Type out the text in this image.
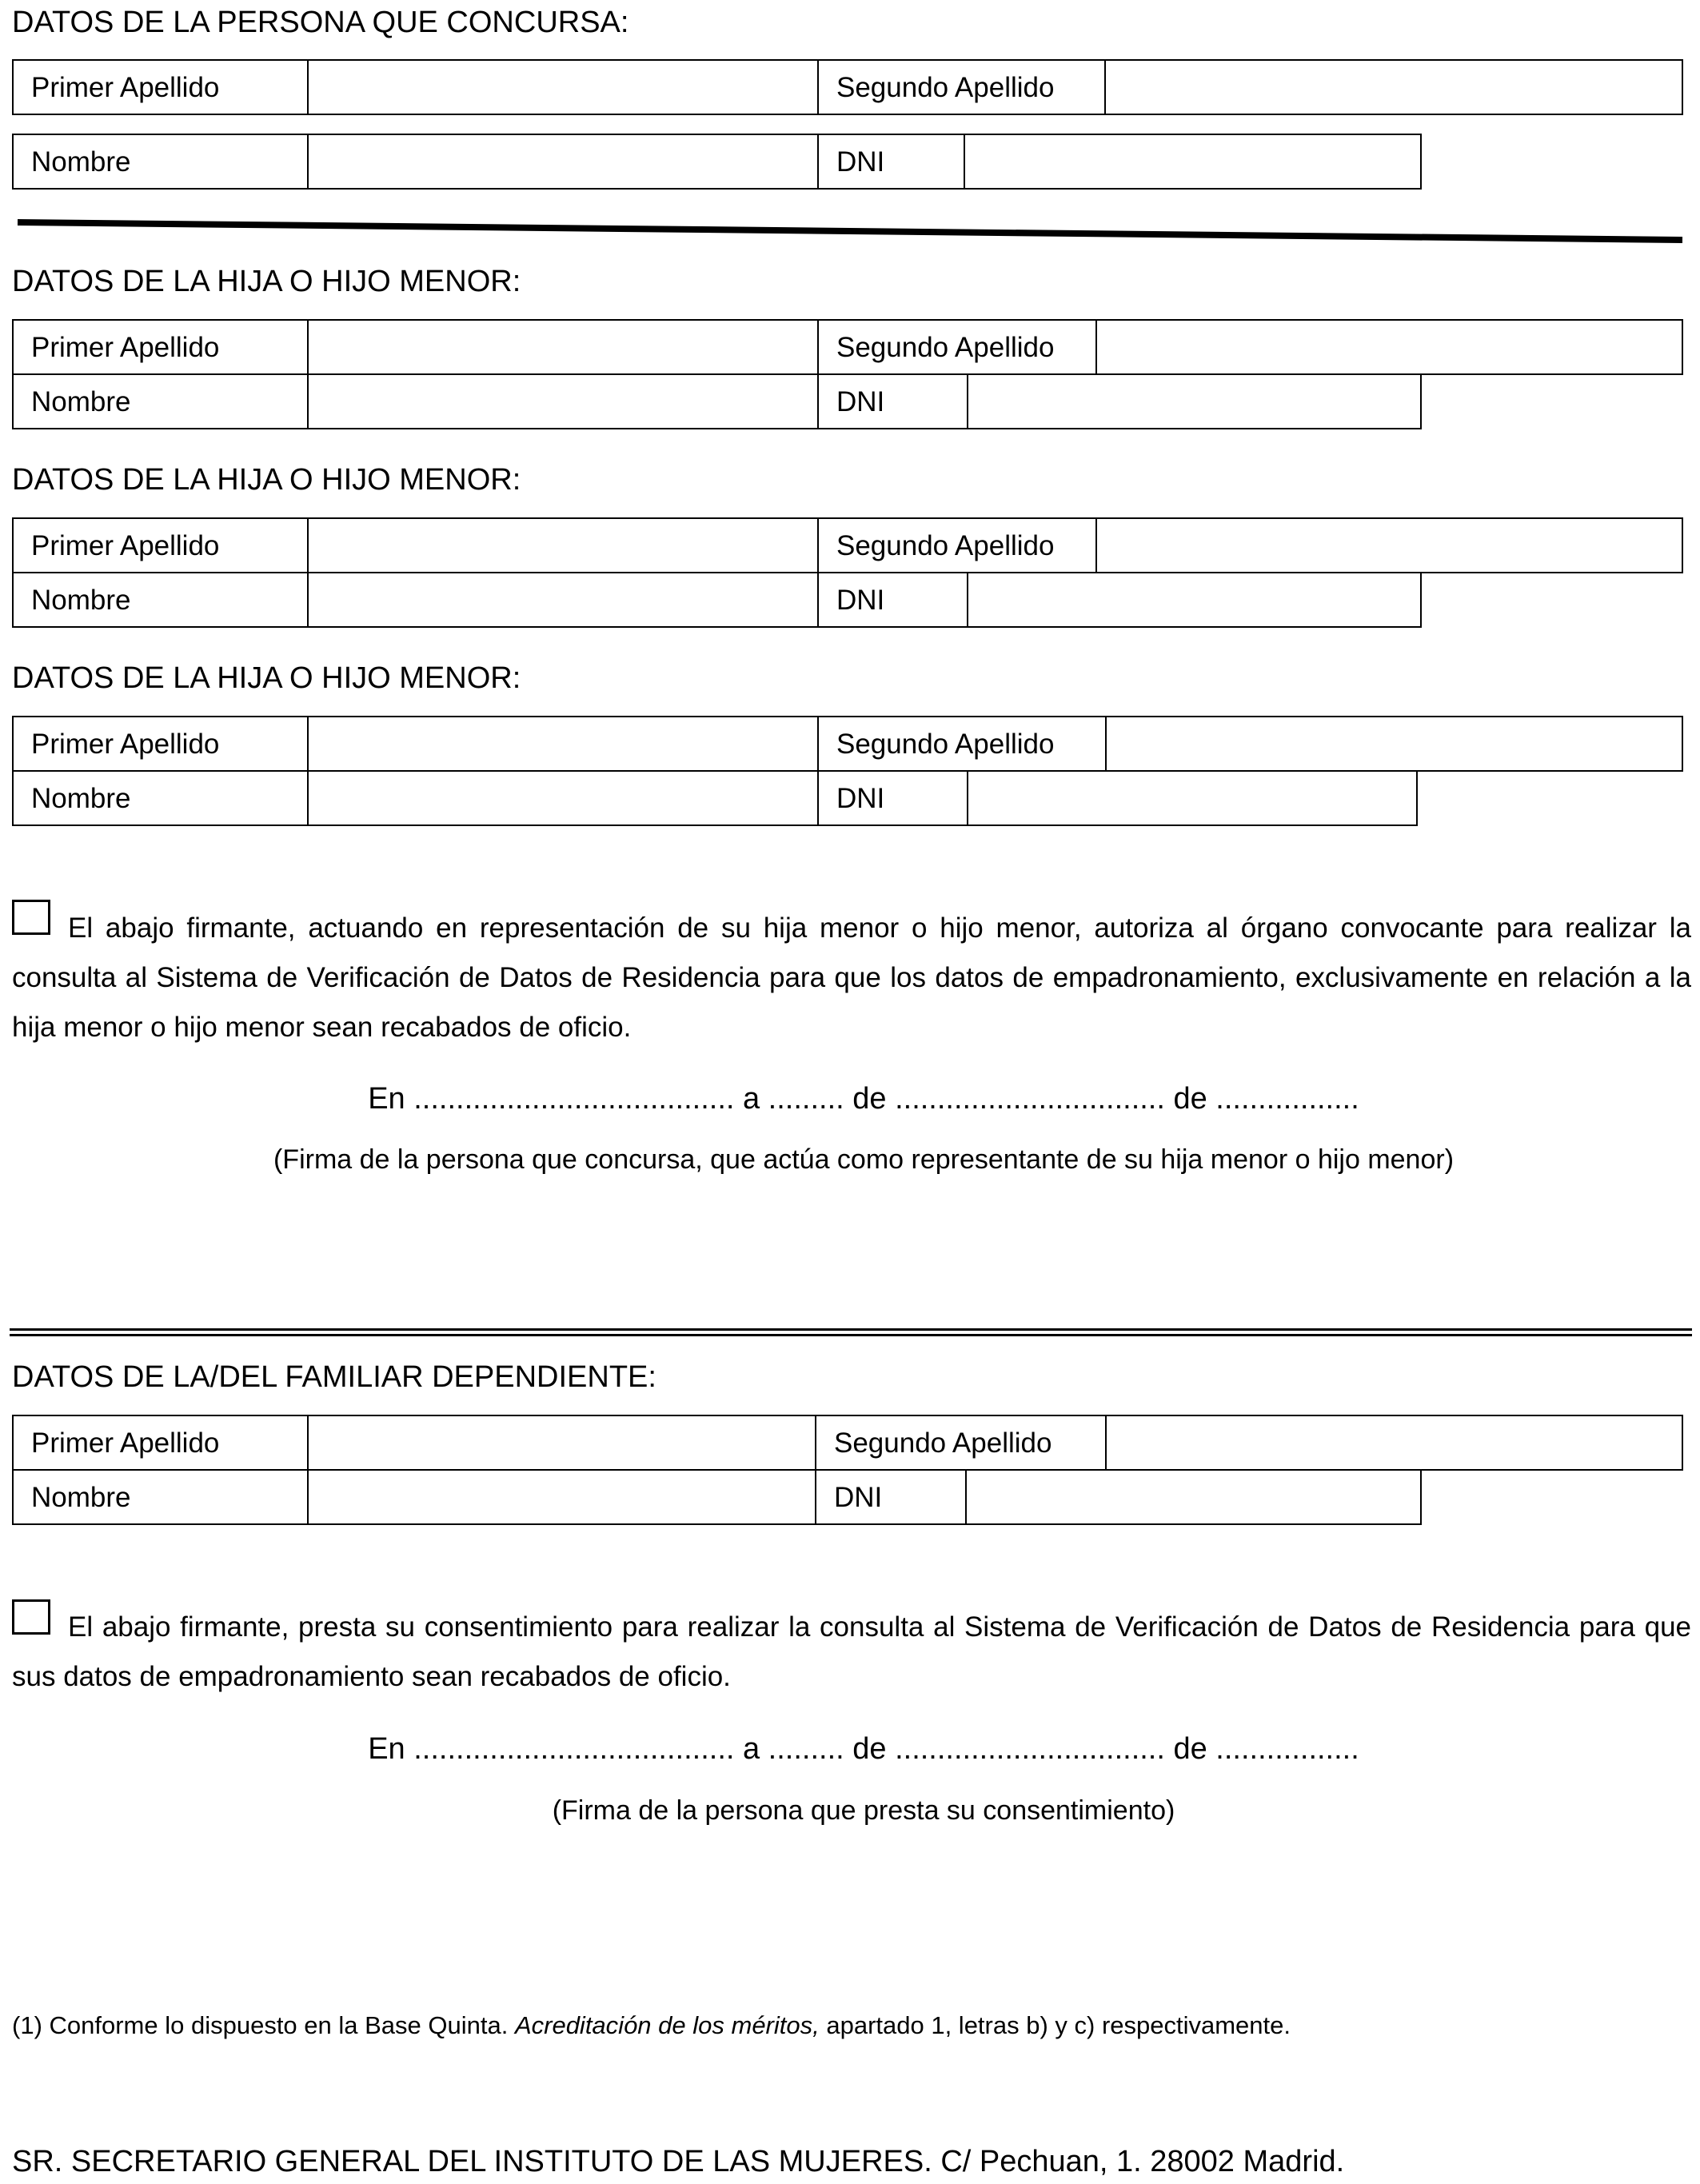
DATOS DE LA PERSONA QUE CONCURSA:
Primer Apellido	Segundo Apellido
Nombre	DNI
DATOS DE LA HIJA O HIJO MENOR:
Primer Apellido	Segundo Apellido
Nombre	DNI
DATOS DE LA HIJA O HIJO MENOR:
Primer Apellido	Segundo Apellido
Nombre	DNI
DATOS DE LA HIJA O HIJO MENOR:
Primer Apellido	Segundo Apellido
Nombre	DNI
El abajo firmante, actuando en representación de su hija menor o hijo menor, autoriza al órgano convocante para realizar la consulta al Sistema de Verificación de Datos de Residencia para que los datos de empadronamiento, exclusivamente en relación a la hija menor o hijo menor sean recabados de oficio.
En ...................................... a ......... de ................................ de .................
(Firma de la persona que concursa, que actúa como representante de su hija menor o hijo menor)
DATOS DE LA/DEL FAMILIAR DEPENDIENTE:
Primer Apellido	Segundo Apellido
Nombre	DNI
El abajo firmante, presta su consentimiento para realizar la consulta al Sistema de Verificación de Datos de Residencia para que sus datos de empadronamiento sean recabados de oficio.
En ...................................... a ......... de ................................ de .................
(Firma de la persona que presta su consentimiento)
(1) Conforme lo dispuesto en la Base Quinta. Acreditación de los méritos, apartado 1, letras b) y c) respectivamente.
SR. SECRETARIO GENERAL DEL INSTITUTO DE LAS MUJERES. C/ Pechuan, 1. 28002 Madrid.
